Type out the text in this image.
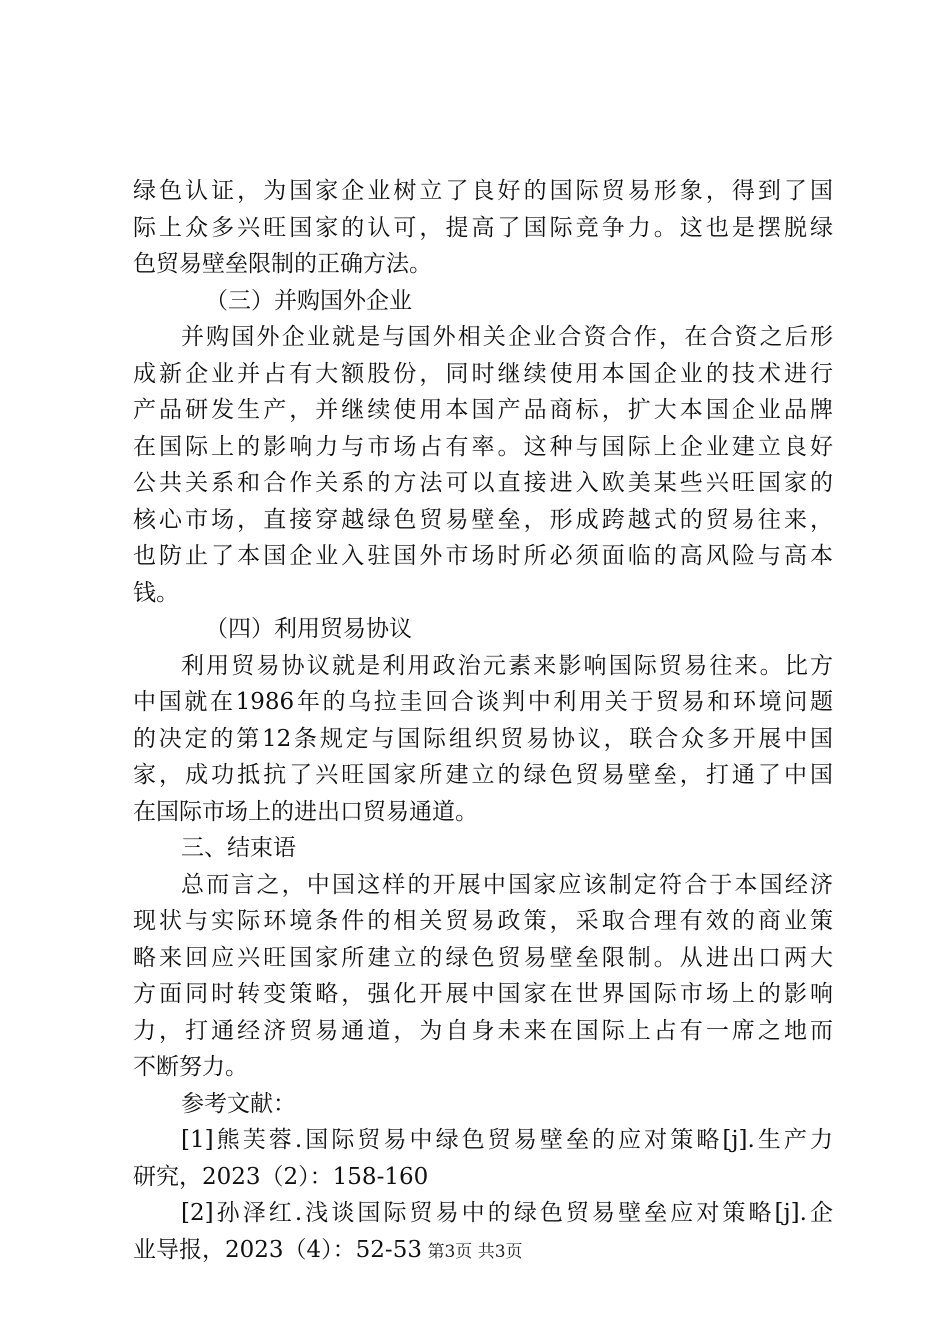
绿色认证，为国家企业树立了良好的国际贸易形象，得到了国
际上众多兴旺国家的认可，提高了国际竞争力。这也是摆脱绿
色贸易壁垒限制的正确方法。
（三）并购国外企业
并购国外企业就是与国外相关企业合资合作，在合资之后形
成新企业并占有大额股份，同时继续使用本国企业的技术进行
产品研发生产，并继续使用本国产品商标，扩大本国企业品牌
在国际上的影响力与市场占有率。这种与国际上企业建立良好
公共关系和合作关系的方法可以直接进入欧美某些兴旺国家的
核心市场，直接穿越绿色贸易壁垒，形成跨越式的贸易往来，
也防止了本国企业入驻国外市场时所必须面临的高风险与高本
钱。
（四）利用贸易协议
利用贸易协议就是利用政治元素来影响国际贸易往来。比方
中国就在1986年的乌拉圭回合谈判中利用关于贸易和环境问题
的决定的第12条规定与国际组织贸易协议，联合众多开展中国
家，成功抵抗了兴旺国家所建立的绿色贸易壁垒，打通了中国
在国际市场上的进出口贸易通道。
三、结束语
总而言之，中国这样的开展中国家应该制定符合于本国经济
现状与实际环境条件的相关贸易政策，采取合理有效的商业策
略来回应兴旺国家所建立的绿色贸易壁垒限制。从进出口两大
方面同时转变策略，强化开展中国家在世界国际市场上的影响
力，打通经济贸易通道，为自身未来在国际上占有一席之地而
不断努力。
参考文献：
[1]熊芙蓉.国际贸易中绿色贸易壁垒的应对策略[j].生产力
研究，2023（2）：158-160
[2]孙泽红.浅谈国际贸易中的绿色贸易壁垒应对策略[j].企
业导报，2023（4）：52-53 第3页 共3页
